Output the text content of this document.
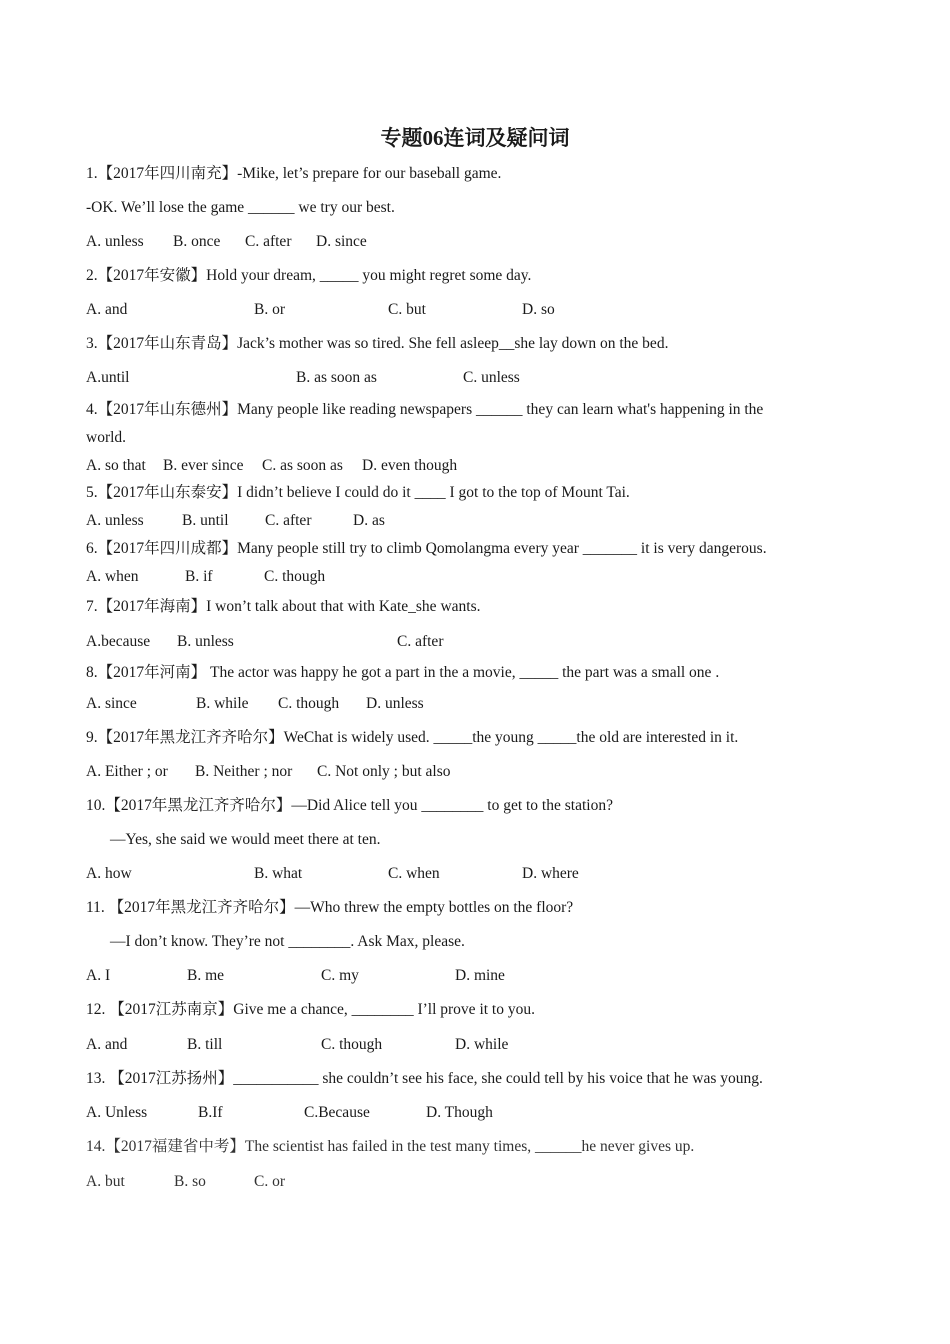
专题06连词及疑问词
1.【2017年四川南充】-Mike, let’s prepare for our baseball game.
-OK. We’ll lose the game ______ we try our best.
A. unless B. once C. after D. since
2.【2017年安徽】Hold your dream, _____ you might regret some day.
A. and	B. or	C. but	D. so
3.【2017年山东青岛】Jack’s mother was so tired. She fell asleep__she lay down on the bed.
A.until	B. as soon as	C. unless
4.【2017年山东德州】Many people like reading newspapers ______ they can learn what's happening in the
world.
A. so that B. ever since C. as soon as D. even though
5.【2017年山东泰安】I didn’t believe I could do it ____ I got to the top of Mount Tai.
A. unless B. until C. after	D. as
6.【2017年四川成都】Many people still try to climb Qomolangma every year _______ it is very dangerous.
A. when	B. if	C. though
7.【2017年海南】I won’t talk about that with Kate_she wants.
A.because B. unless	C. after
8.【2017年河南】 The actor was happy he got a part in the a movie, _____ the part was a small one .
A. since	B. while C. though D. unless
9.【2017年黑龙江齐齐哈尔】WeChat is widely used. _____the young _____the old are interested in it.
A. Either ; or B. Neither ; nor C. Not only ; but also
10.【2017年黑龙江齐齐哈尔】—Did Alice tell you ________ to get to the station?
—Yes, she said we would meet there at ten.
A. how	B. what	C. when	D. where
11. 【2017年黑龙江齐齐哈尔】—Who threw the empty bottles on the floor?
—I don’t know. They’re not ________. Ask Max, please.
A. I	B. me	C. my	D. mine
12. 【2017江苏南京】Give me a chance, ________ I’ll prove it to you.
A. and	B. till	C. though	D. while
13. 【2017江苏扬州】___________ she couldn’t see his face, she could tell by his voice that he was young.
A. Unless	B.If	C.Because	D. Though
14.【2017福建省中考】The scientist has failed in the test many times, ______he never gives up.
A. but	B. so	C. or
